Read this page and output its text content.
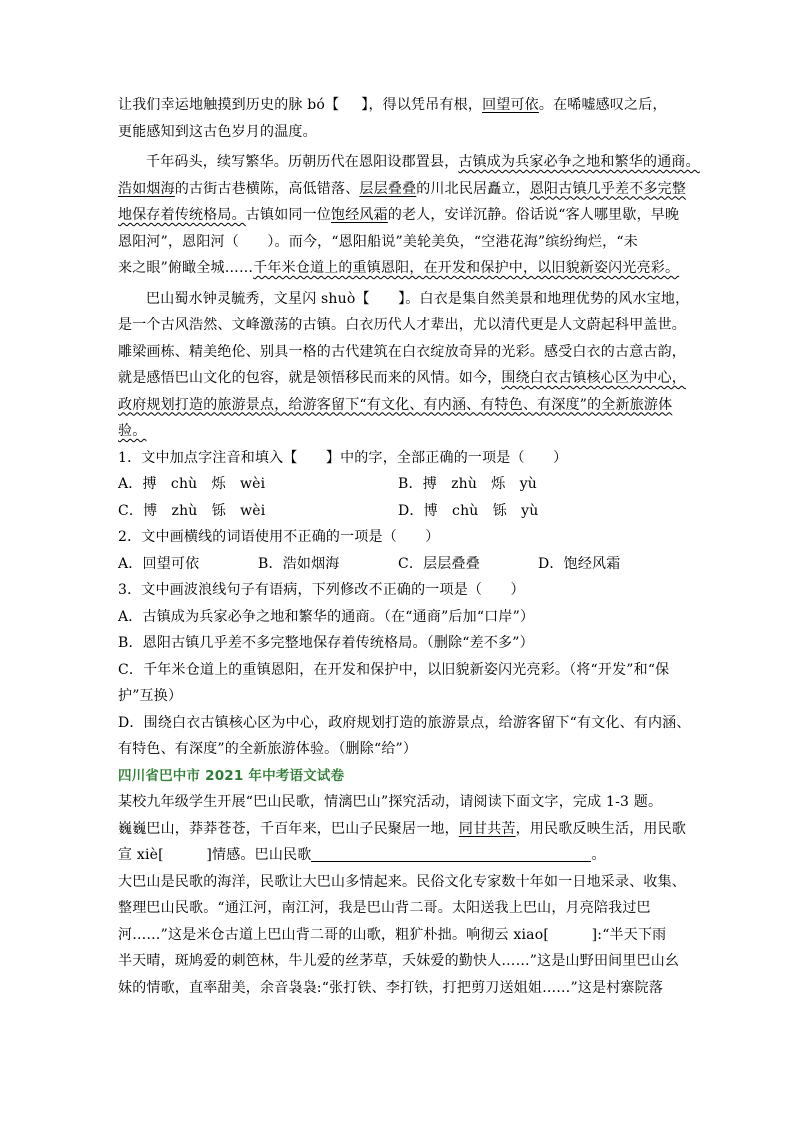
让我们幸运地触摸到历史的脉 bó【 】，得以凭吊有根，回望可依。在唏嘘感叹之后，
更能感知到这古色岁月的温度。
千年码头，续写繁华。历朝历代在恩阳设郡置县，古镇成为兵家必争之地和繁华的通商。
浩如烟海的古街古巷横陈，高低错落、层层叠叠的川北民居矗立，恩阳古镇几乎差不多完整
地保存着传统格局。古镇如同一位饱经风霜的老人，安详沉静。俗话说“客人哪里歇，早晚
恩阳河”，恩阳河（　　）。而今，“恩阳船说”美轮美奂，“空港花海”缤纷绚烂，“未
来之眼”俯瞰全城……千年米仓道上的重镇恩阳，在开发和保护中，以旧貌新姿闪光亮彩。
巴山蜀水钟灵毓秀，文星闪 shuò【　　】。白衣是集自然美景和地理优势的风水宝地，
是一个古风浩然、文峰激荡的古镇。白衣历代人才辈出，尤以清代更是人文蔚起科甲盖世。
雕梁画栋、精美绝伦、别具一格的古代建筑在白衣绽放奇异的光彩。感受白衣的古意古韵，
就是感悟巴山文化的包容，就是领悟移民而来的风情。如今，围绕白衣古镇核心区为中心，
政府规划打造的旅游景点，给游客留下“有文化、有内涵、有特色、有深度”的全新旅游体
验。
1．文中加点字注音和填入【　　】中的字，全部正确的一项是（　　）
A．搏　chù　烁　wèi	B．搏　zhù　烁　yù
C．博　zhù　铄　wèi	D．博　chù　铄　yù
2．文中画横线的词语使用不正确的一项是（　　）
A．回望可依	B．浩如烟海	C．层层叠叠	D．饱经风霜
3．文中画波浪线句子有语病，下列修改不正确的一项是（　　）
A．古镇成为兵家必争之地和繁华的通商。（在“通商”后加“口岸”）
B．恩阳古镇几乎差不多完整地保存着传统格局。（删除“差不多”）
C．千年米仓道上的重镇恩阳，在开发和保护中，以旧貌新姿闪光亮彩。（将“开发”和“保
护”互换）
D．围绕白衣古镇核心区为中心，政府规划打造的旅游景点，给游客留下“有文化、有内涵、
有特色、有深度”的全新旅游体验。（删除“给”）
四川省巴中市 2021 年中考语文试卷
某校九年级学生开展“巴山民歌，情漓巴山”探究活动，请阅读下面文字，完成 1-3 题。
巍巍巴山，莽莽苍苍，千百年来，巴山子民聚居一地，同甘共苦，用民歌反映生活，用民歌
宣 xiè[　　　]情感。巴山民歌	。
大巴山是民歌的海洋，民歌让大巴山多情起来。民俗文化专家数十年如一日地采录、收集、
整理巴山民歌。“通江河，南江河，我是巴山背二哥。太阳送我上巴山，月亮陪我过巴
河……”这是米仓古道上巴山背二哥的山歌，粗犷朴拙。响彻云 xiao[　　　]:“半天下雨
半天晴，斑鸠爱的刺笆林，牛儿爱的丝茅草，夭妹爱的勤快人……”这是山野田间里巴山幺
妹的情歌，直率甜美，余音袅袅:“张打铁、李打铁，打把剪刀送姐姐……”这是村寨院落
